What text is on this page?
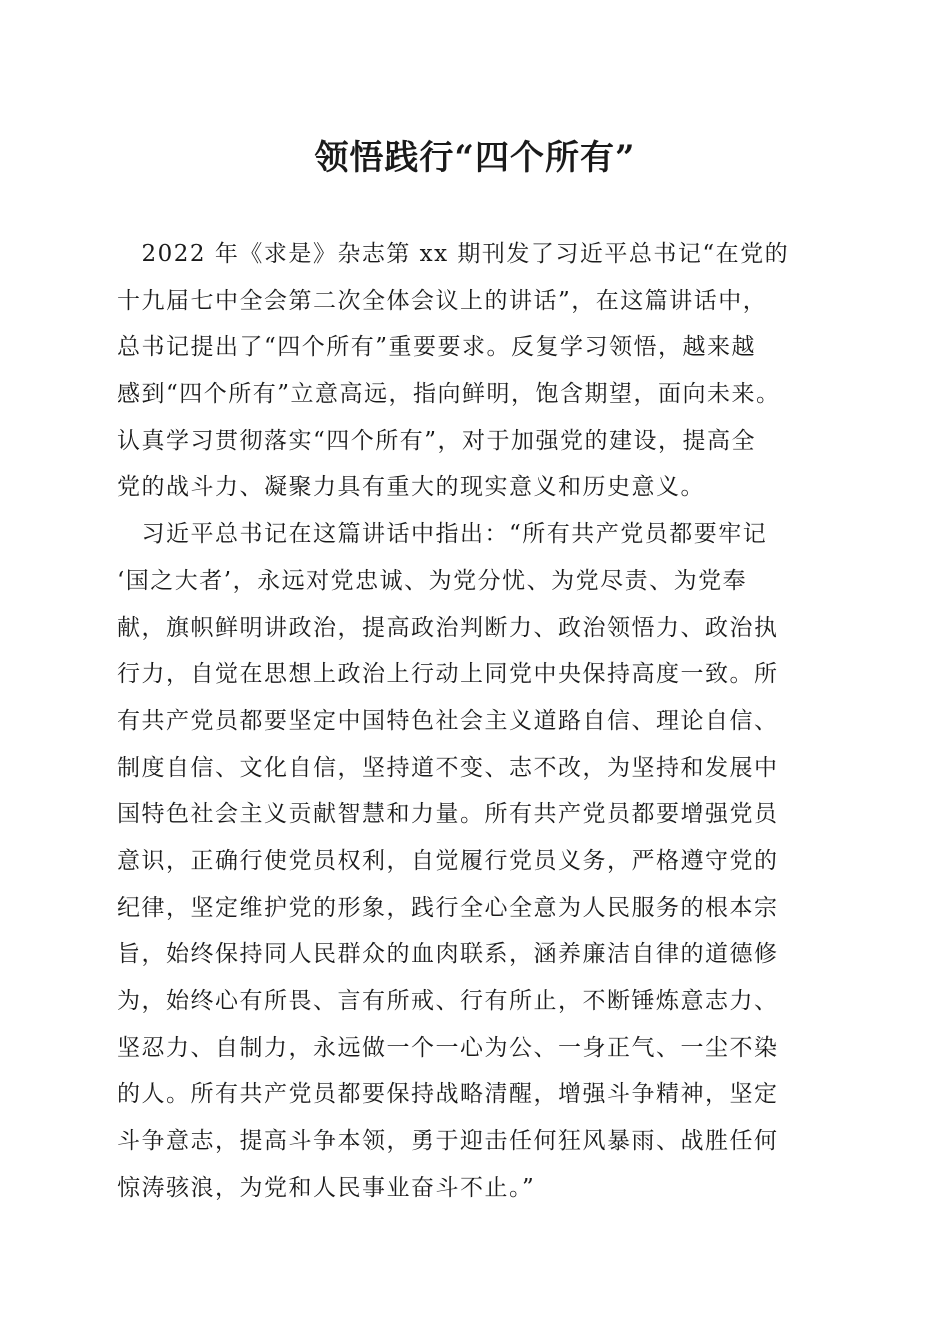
领悟践行“四个所有”
　2022 年《求是》杂志第 xx 期刊发了习近平总书记“在党的
十九届七中全会第二次全体会议上的讲话”，在这篇讲话中，
总书记提出了“四个所有”重要要求。反复学习领悟，越来越
感到“四个所有”立意高远，指向鲜明，饱含期望，面向未来。
认真学习贯彻落实“四个所有”，对于加强党的建设，提高全
党的战斗力、凝聚力具有重大的现实意义和历史意义。
　习近平总书记在这篇讲话中指出：“所有共产党员都要牢记
‘国之大者’，永远对党忠诚、为党分忧、为党尽责、为党奉
献，旗帜鲜明讲政治，提高政治判断力、政治领悟力、政治执
行力，自觉在思想上政治上行动上同党中央保持高度一致。所
有共产党员都要坚定中国特色社会主义道路自信、理论自信、
制度自信、文化自信，坚持道不变、志不改，为坚持和发展中
国特色社会主义贡献智慧和力量。所有共产党员都要增强党员
意识，正确行使党员权利，自觉履行党员义务，严格遵守党的
纪律，坚定维护党的形象，践行全心全意为人民服务的根本宗
旨，始终保持同人民群众的血肉联系，涵养廉洁自律的道德修
为，始终心有所畏、言有所戒、行有所止，不断锤炼意志力、
坚忍力、自制力，永远做一个一心为公、一身正气、一尘不染
的人。所有共产党员都要保持战略清醒，增强斗争精神，坚定
斗争意志，提高斗争本领，勇于迎击任何狂风暴雨、战胜任何
惊涛骇浪，为党和人民事业奋斗不止。”
